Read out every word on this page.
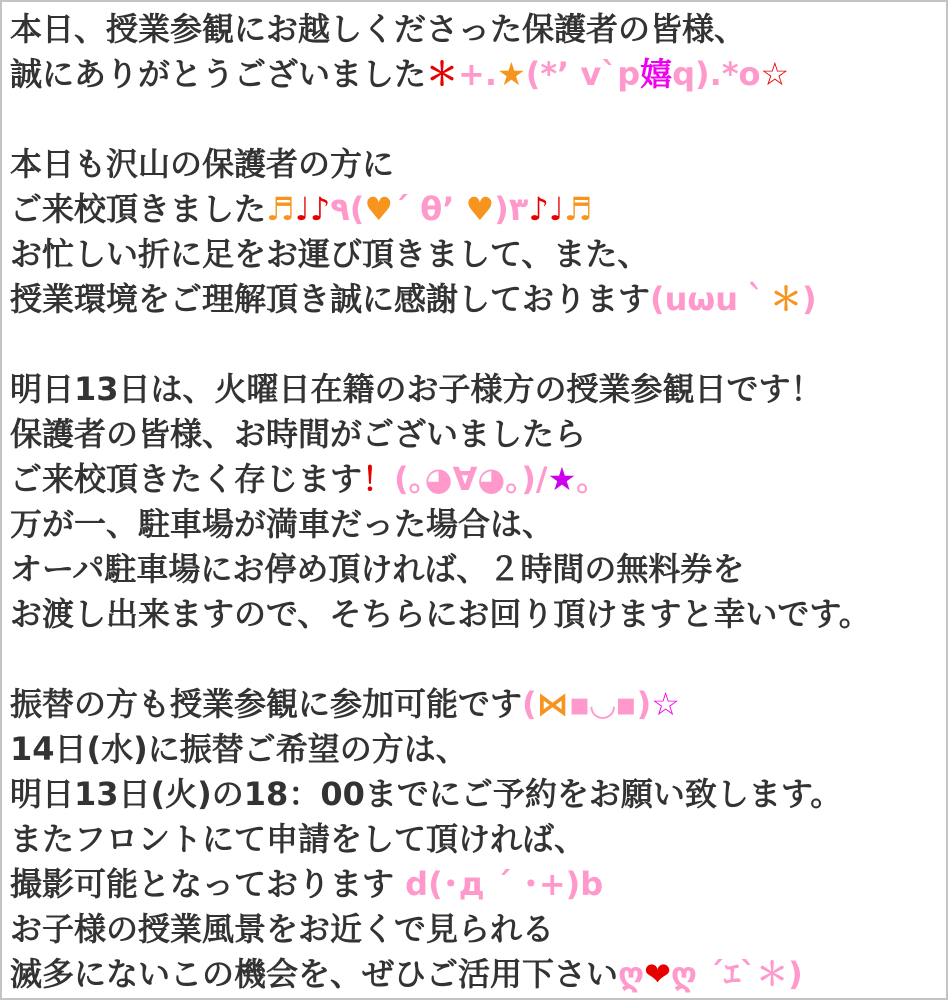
本日、授業参観にお越しくださった保護者の皆様、
誠にありがとうございました＊+.★(*’ v`p嬉q).*o☆
本日も沢山の保護者の方に
ご来校頂きました♬♩♪٩(♥´ θ’ ♥)۳♪♩♬
お忙しい折に足をお運び頂きまして、また、
授業環境をご理解頂き誠に感謝しております(uωu｀＊)
明日13日は、火曜日在籍のお子様方の授業参観日です！
保護者の皆様、お時間がございましたら
ご来校頂きたく存じます！(｡◕∀◕｡)/★｡
万が一、駐車場が満車だった場合は、
オーパ駐車場にお停め頂ければ、２時間の無料券を
お渡し出来ますので、そちらにお回り頂けますと幸いです。
振替の方も授業参観に参加可能です(⋈▪◡▪)☆
14日(水)に振替ご希望の方は、
明日13日(火)の18：00までにご予約をお願い致します。
またフロントにて申請をして頂ければ、
撮影可能となっております d(･д ´ ･+)b
お子様の授業風景をお近くで見られる
滅多にないこの機会を、ぜひご活用下さいღ❤ღ ´ｴ`＊)
